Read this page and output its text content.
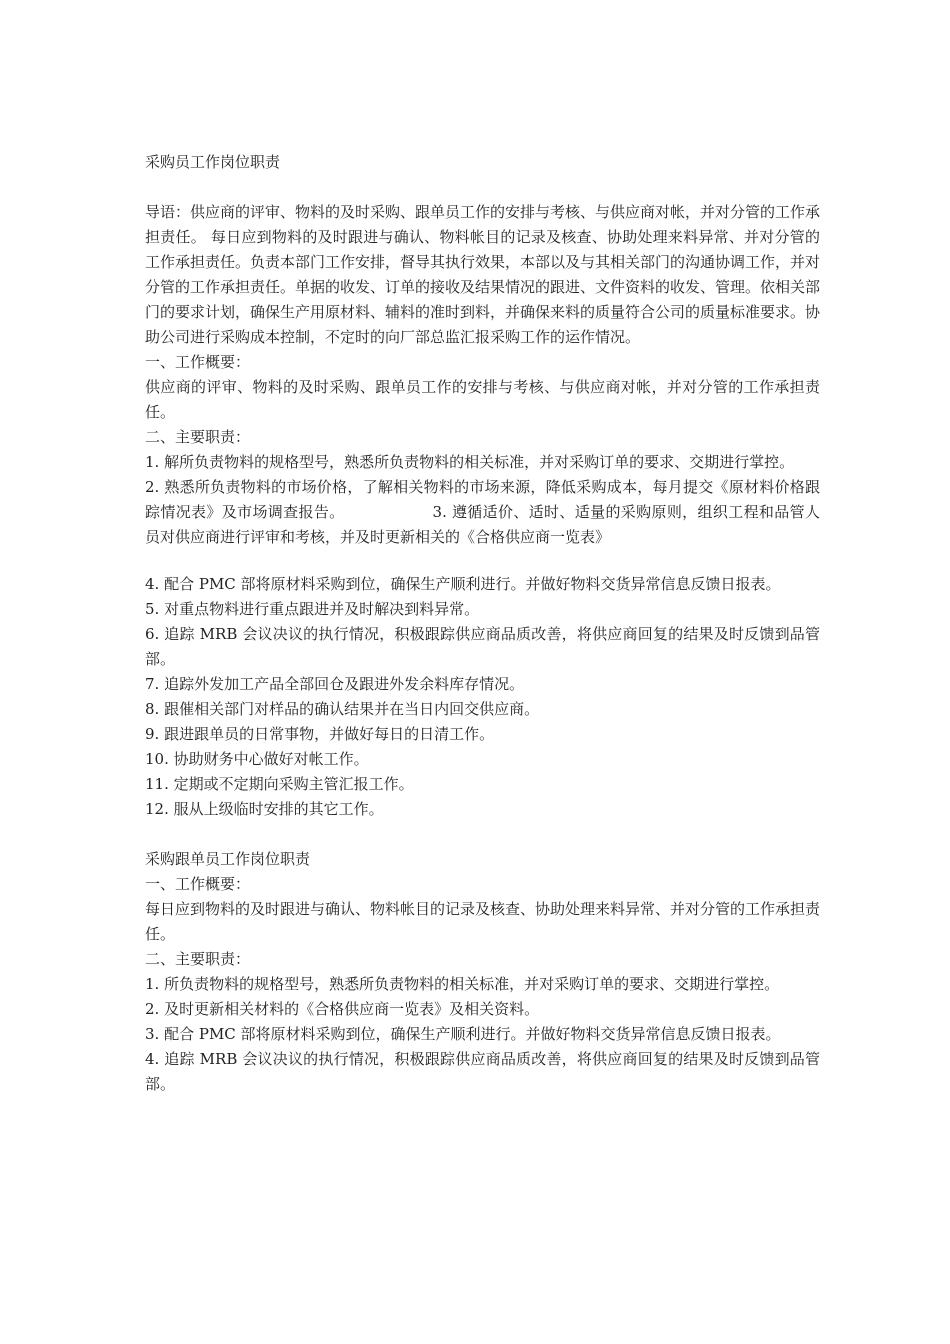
采购员工作岗位职责

导语：供应商的评审、物料的及时采购、跟单员工作的安排与考核、与供应商对帐，并对分管的工作承担责任。 每日应到物料的及时跟进与确认、物料帐目的记录及核查、协助处理来料异常、并对分管的工作承担责任。负责本部门工作安排，督导其执行效果，本部以及与其相关部门的沟通协调工作，并对分管的工作承担责任。单据的收发、订单的接收及结果情况的跟进、文件资料的收发、管理。依相关部门的要求计划，确保生产用原材料、辅料的准时到料，并确保来料的质量符合公司的质量标准要求。协助公司进行采购成本控制，不定时的向厂部总监汇报采购工作的运作情况。

一、工作概要：

供应商的评审、物料的及时采购、跟单员工作的安排与考核、与供应商对帐，并对分管的工作承担责任。

二、主要职责：

1. 解所负责物料的规格型号，熟悉所负责物料的相关标准，并对采购订单的要求、交期进行掌控。

2. 熟悉所负责物料的市场价格，了解相关物料的市场来源，降低采购成本，每月提交《原材料价格跟踪情况表》及市场调查报告。	3. 遵循适价、适时、适量的采购原则，组织工程和品管人员对供应商进行评审和考核，并及时更新相关的《合格供应商一览表》

4. 配合 PMC 部将原材料采购到位，确保生产顺利进行。并做好物料交货异常信息反馈日报表。

5. 对重点物料进行重点跟进并及时解决到料异常。

6. 追踪 MRB 会议决议的执行情况，积极跟踪供应商品质改善，将供应商回复的结果及时反馈到品管部。

7. 追踪外发加工产品全部回仓及跟进外发余料库存情况。

8. 跟催相关部门对样品的确认结果并在当日内回交供应商。

9. 跟进跟单员的日常事物，并做好每日的日清工作。

10. 协助财务中心做好对帐工作。

11. 定期或不定期向采购主管汇报工作。

12. 服从上级临时安排的其它工作。

采购跟单员工作岗位职责

一、工作概要：

每日应到物料的及时跟进与确认、物料帐目的记录及核查、协助处理来料异常、并对分管的工作承担责任。

二、主要职责：

1. 所负责物料的规格型号，熟悉所负责物料的相关标准，并对采购订单的要求、交期进行掌控。

2. 及时更新相关材料的《合格供应商一览表》及相关资料。

3. 配合 PMC 部将原材料采购到位，确保生产顺利进行。并做好物料交货异常信息反馈日报表。

4. 追踪 MRB 会议决议的执行情况，积极跟踪供应商品质改善，将供应商回复的结果及时反馈到品管部。
